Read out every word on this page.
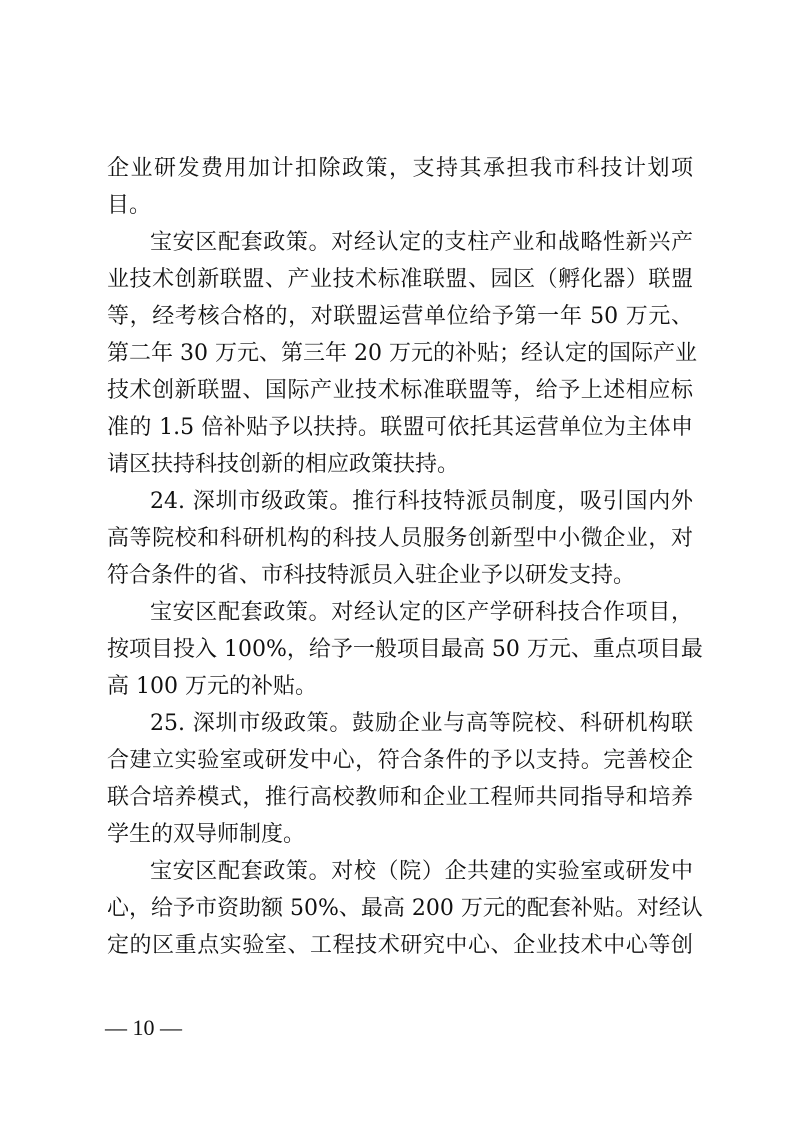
企业研发费用加计扣除政策，支持其承担我市科技计划项
目。
宝安区配套政策。对经认定的支柱产业和战略性新兴产
业技术创新联盟、产业技术标准联盟、园区（孵化器）联盟
等，经考核合格的，对联盟运营单位给予第一年 50 万元、
第二年 30 万元、第三年 20 万元的补贴；经认定的国际产业
技术创新联盟、国际产业技术标准联盟等，给予上述相应标
准的 1.5 倍补贴予以扶持。联盟可依托其运营单位为主体申
请区扶持科技创新的相应政策扶持。
24. 深圳市级政策。推行科技特派员制度，吸引国内外
高等院校和科研机构的科技人员服务创新型中小微企业，对
符合条件的省、市科技特派员入驻企业予以研发支持。
宝安区配套政策。对经认定的区产学研科技合作项目，
按项目投入 100%，给予一般项目最高 50 万元、重点项目最
高 100 万元的补贴。
25. 深圳市级政策。鼓励企业与高等院校、科研机构联
合建立实验室或研发中心，符合条件的予以支持。完善校企
联合培养模式，推行高校教师和企业工程师共同指导和培养
学生的双导师制度。
宝安区配套政策。对校（院）企共建的实验室或研发中
心，给予市资助额 50%、最高 200 万元的配套补贴。对经认
定的区重点实验室、工程技术研究中心、企业技术中心等创
— 10 —
